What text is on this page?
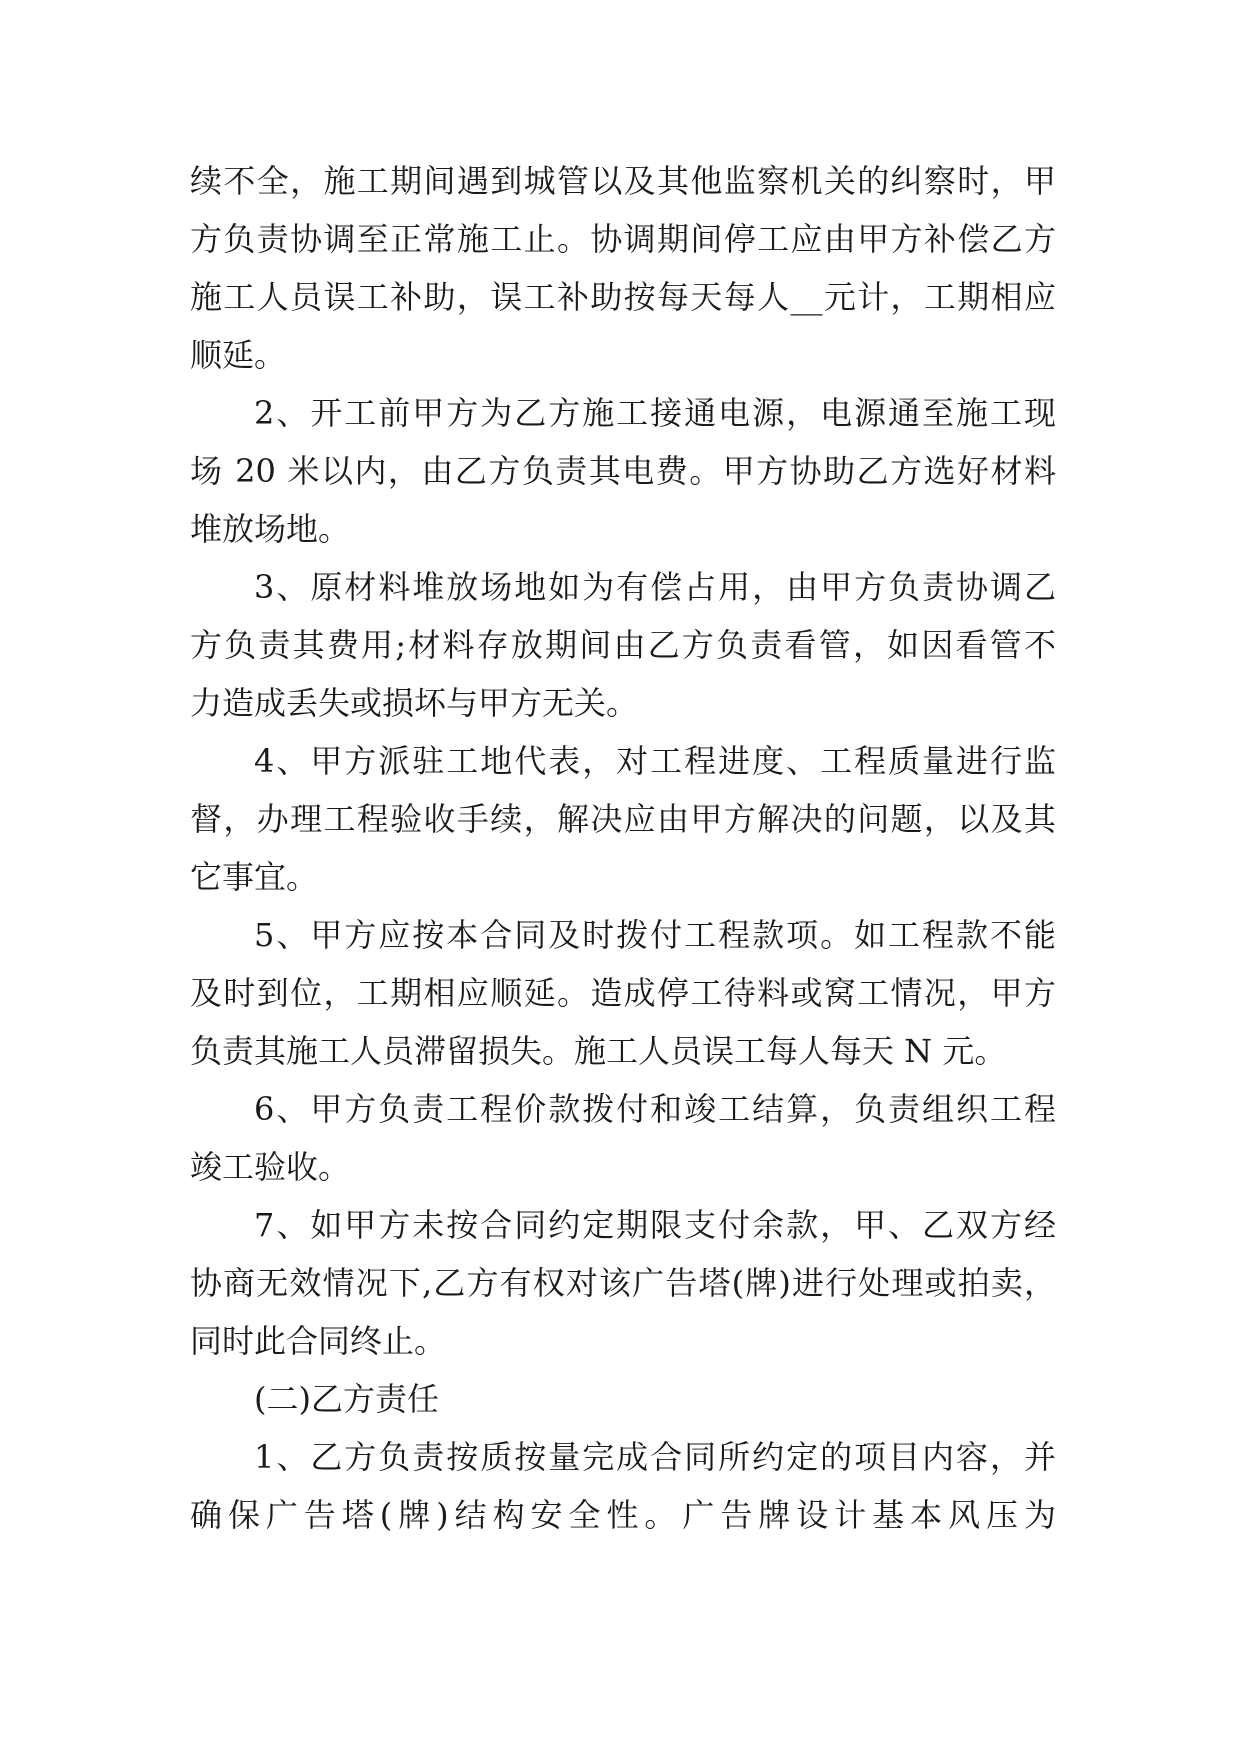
续不全，施工期间遇到城管以及其他监察机关的纠察时，甲
方负责协调至正常施工止。协调期间停工应由甲方补偿乙方
施工人员误工补助，误工补助按每天每人__元计，工期相应
顺延。
2、开工前甲方为乙方施工接通电源，电源通至施工现
场 20 米以内，由乙方负责其电费。甲方协助乙方选好材料
堆放场地。
3、原材料堆放场地如为有偿占用，由甲方负责协调乙
方负责其费用;材料存放期间由乙方负责看管，如因看管不
力造成丢失或损坏与甲方无关。
4、甲方派驻工地代表，对工程进度、工程质量进行监
督，办理工程验收手续，解决应由甲方解决的问题，以及其
它事宜。
5、甲方应按本合同及时拨付工程款项。如工程款不能
及时到位，工期相应顺延。造成停工待料或窝工情况，甲方
负责其施工人员滞留损失。施工人员误工每人每天 N 元。
6、甲方负责工程价款拨付和竣工结算，负责组织工程
竣工验收。
7、如甲方未按合同约定期限支付余款，甲、乙双方经
协商无效情况下,乙方有权对该广告塔(牌)进行处理或拍卖，
同时此合同终止。
(二)乙方责任
1、乙方负责按质按量完成合同所约定的项目内容，并
确保广告塔(牌)结构安全性。广告牌设计基本风压为
